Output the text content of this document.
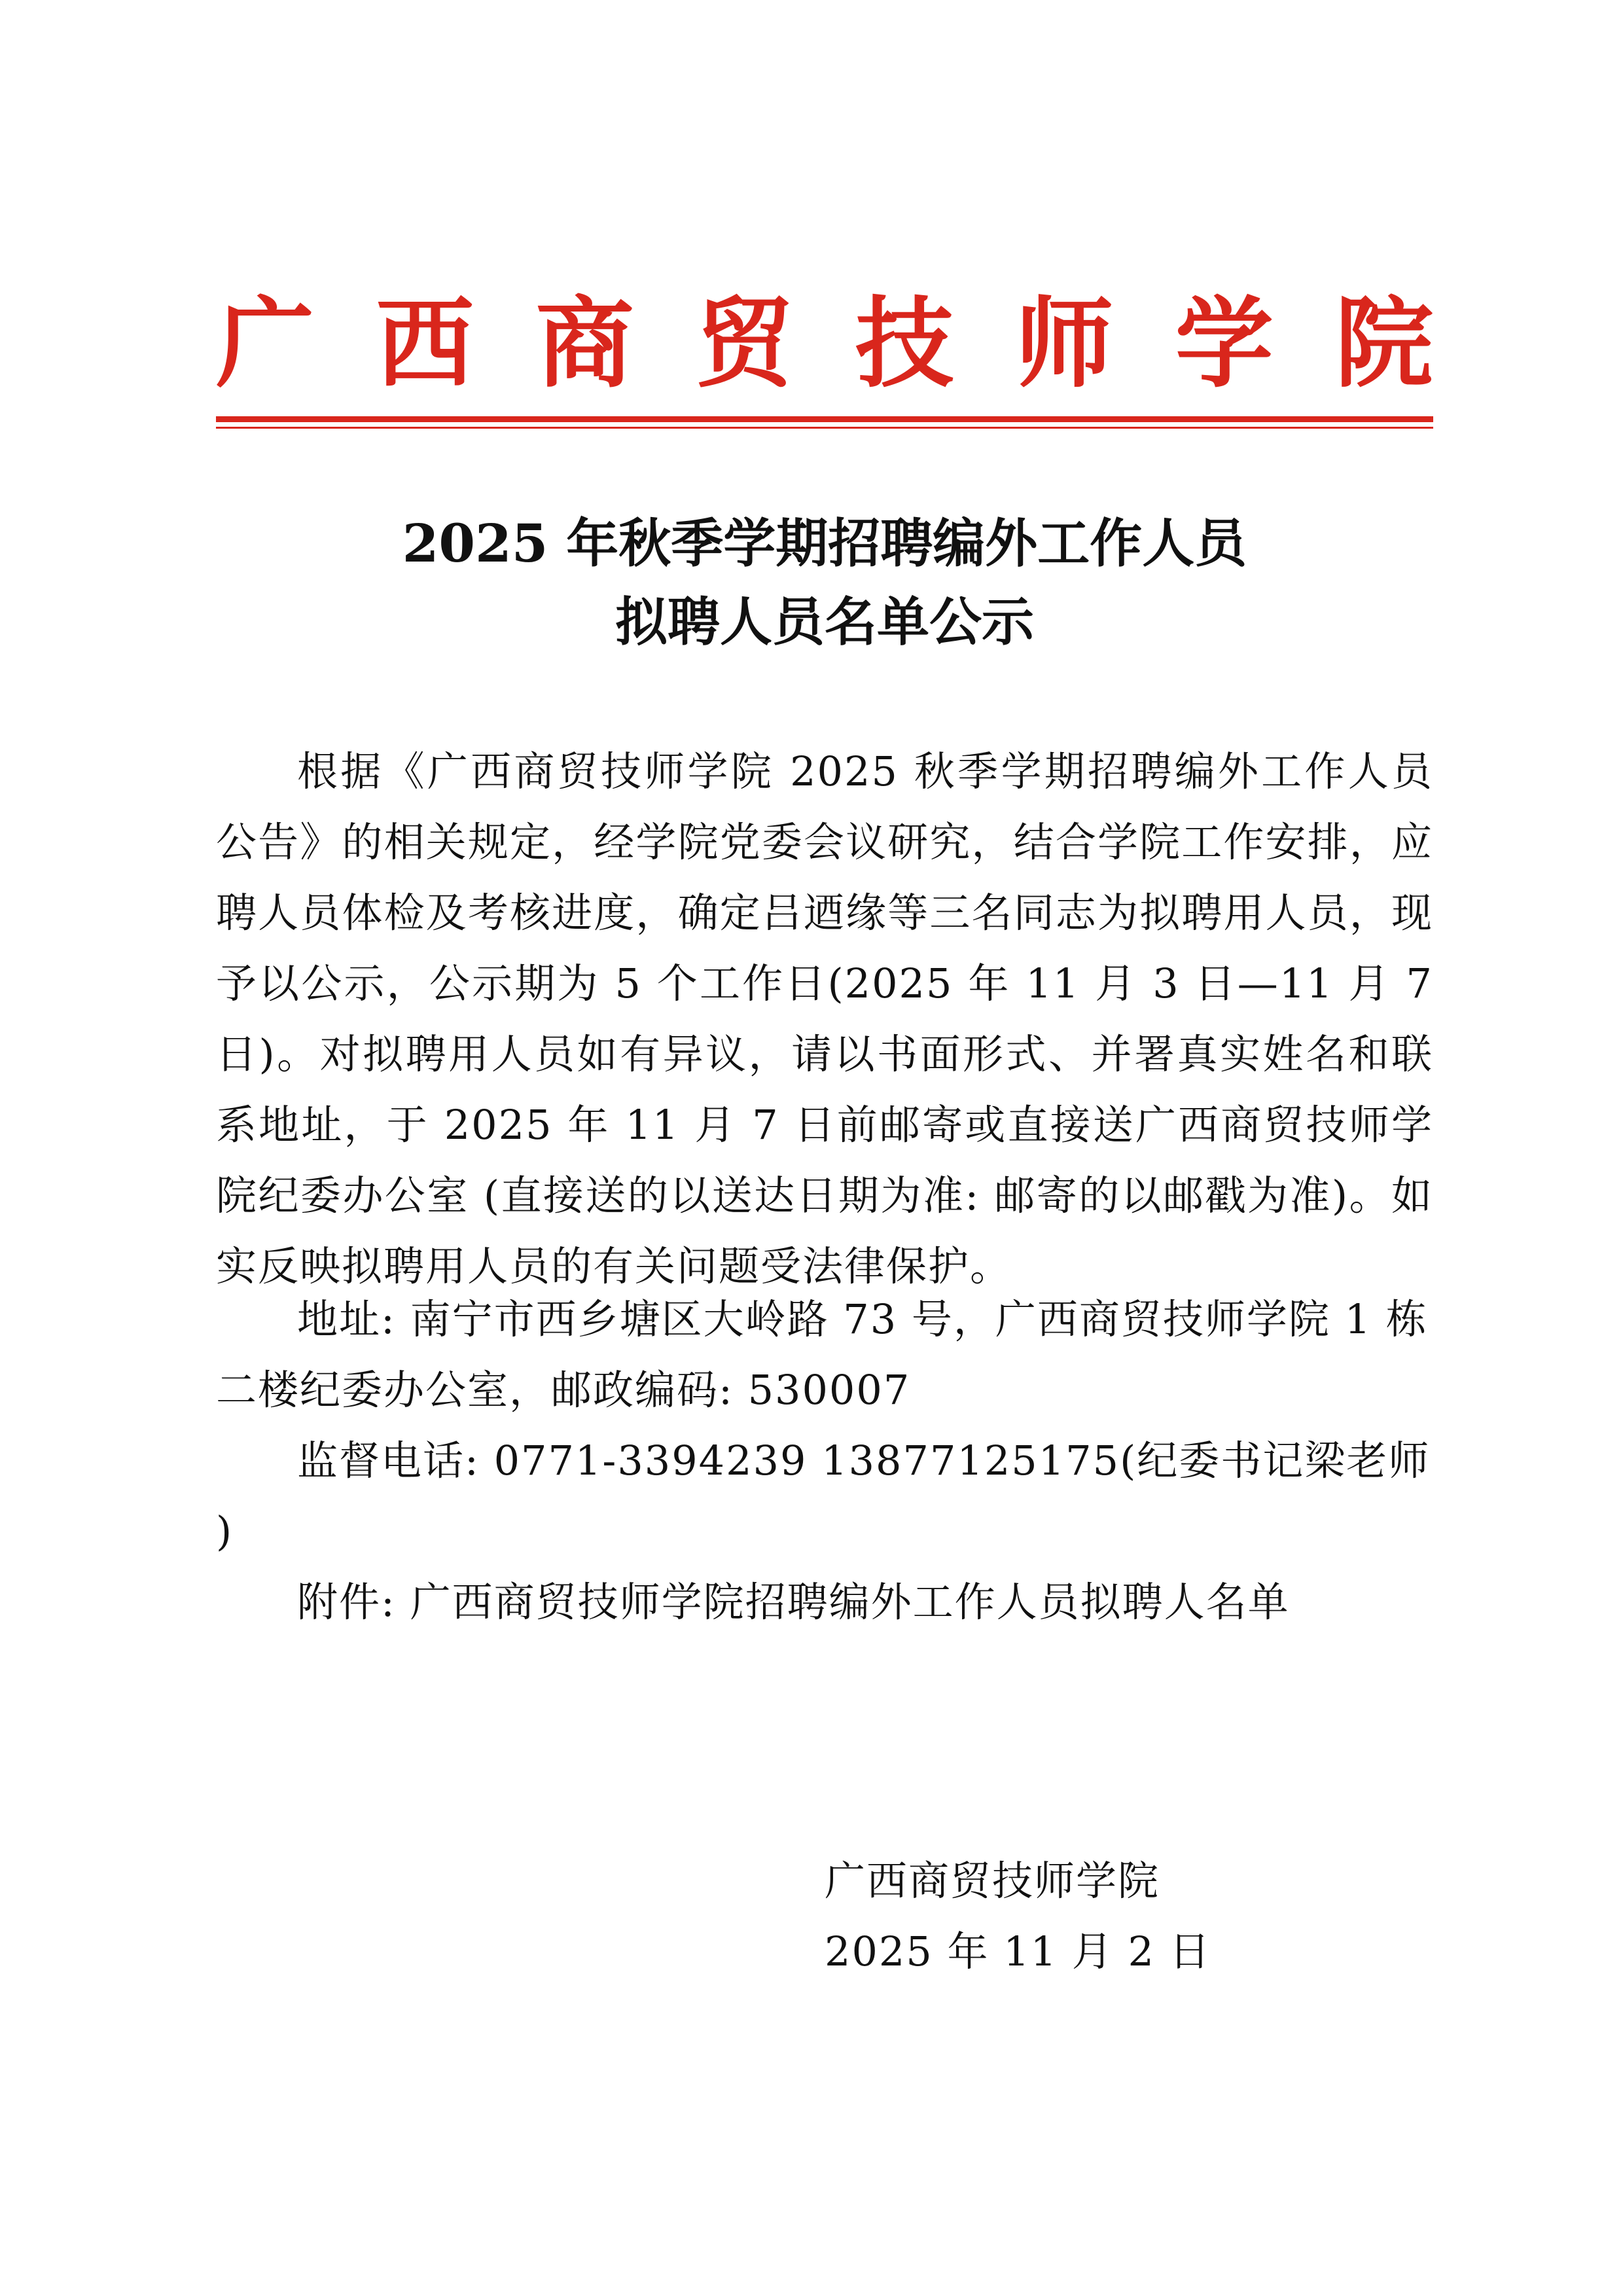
广 西 商 贸 技 师 学 院
2025 年秋季学期招聘编外工作人员
拟聘人员名单公示

根据《广西商贸技师学院 2025 秋季学期招聘编外工作人员公告》的相关规定，经学院党委会议研究，结合学院工作安排，应聘人员体检及考核进度，确定吕迺缘等三名同志为拟聘用人员，现予以公示，公示期为 5 个工作日(2025 年 11 月 3 日—11 月 7 日)。对拟聘用人员如有异议，请以书面形式、并署真实姓名和联系地址，于 2025 年 11 月 7 日前邮寄或直接送广西商贸技师学院纪委办公室 (直接送的以送达日期为准: 邮寄的以邮戳为准)。如实反映拟聘用人员的有关问题受法律保护。

地址: 南宁市西乡塘区大岭路 73 号，广西商贸技师学院 1 栋二楼纪委办公室，邮政编码: 530007

监督电话: 0771-3394239 13877125175(纪委书记梁老师 )

附件: 广西商贸技师学院招聘编外工作人员拟聘人名单

广西商贸技师学院

2025 年 11 月 2 日
